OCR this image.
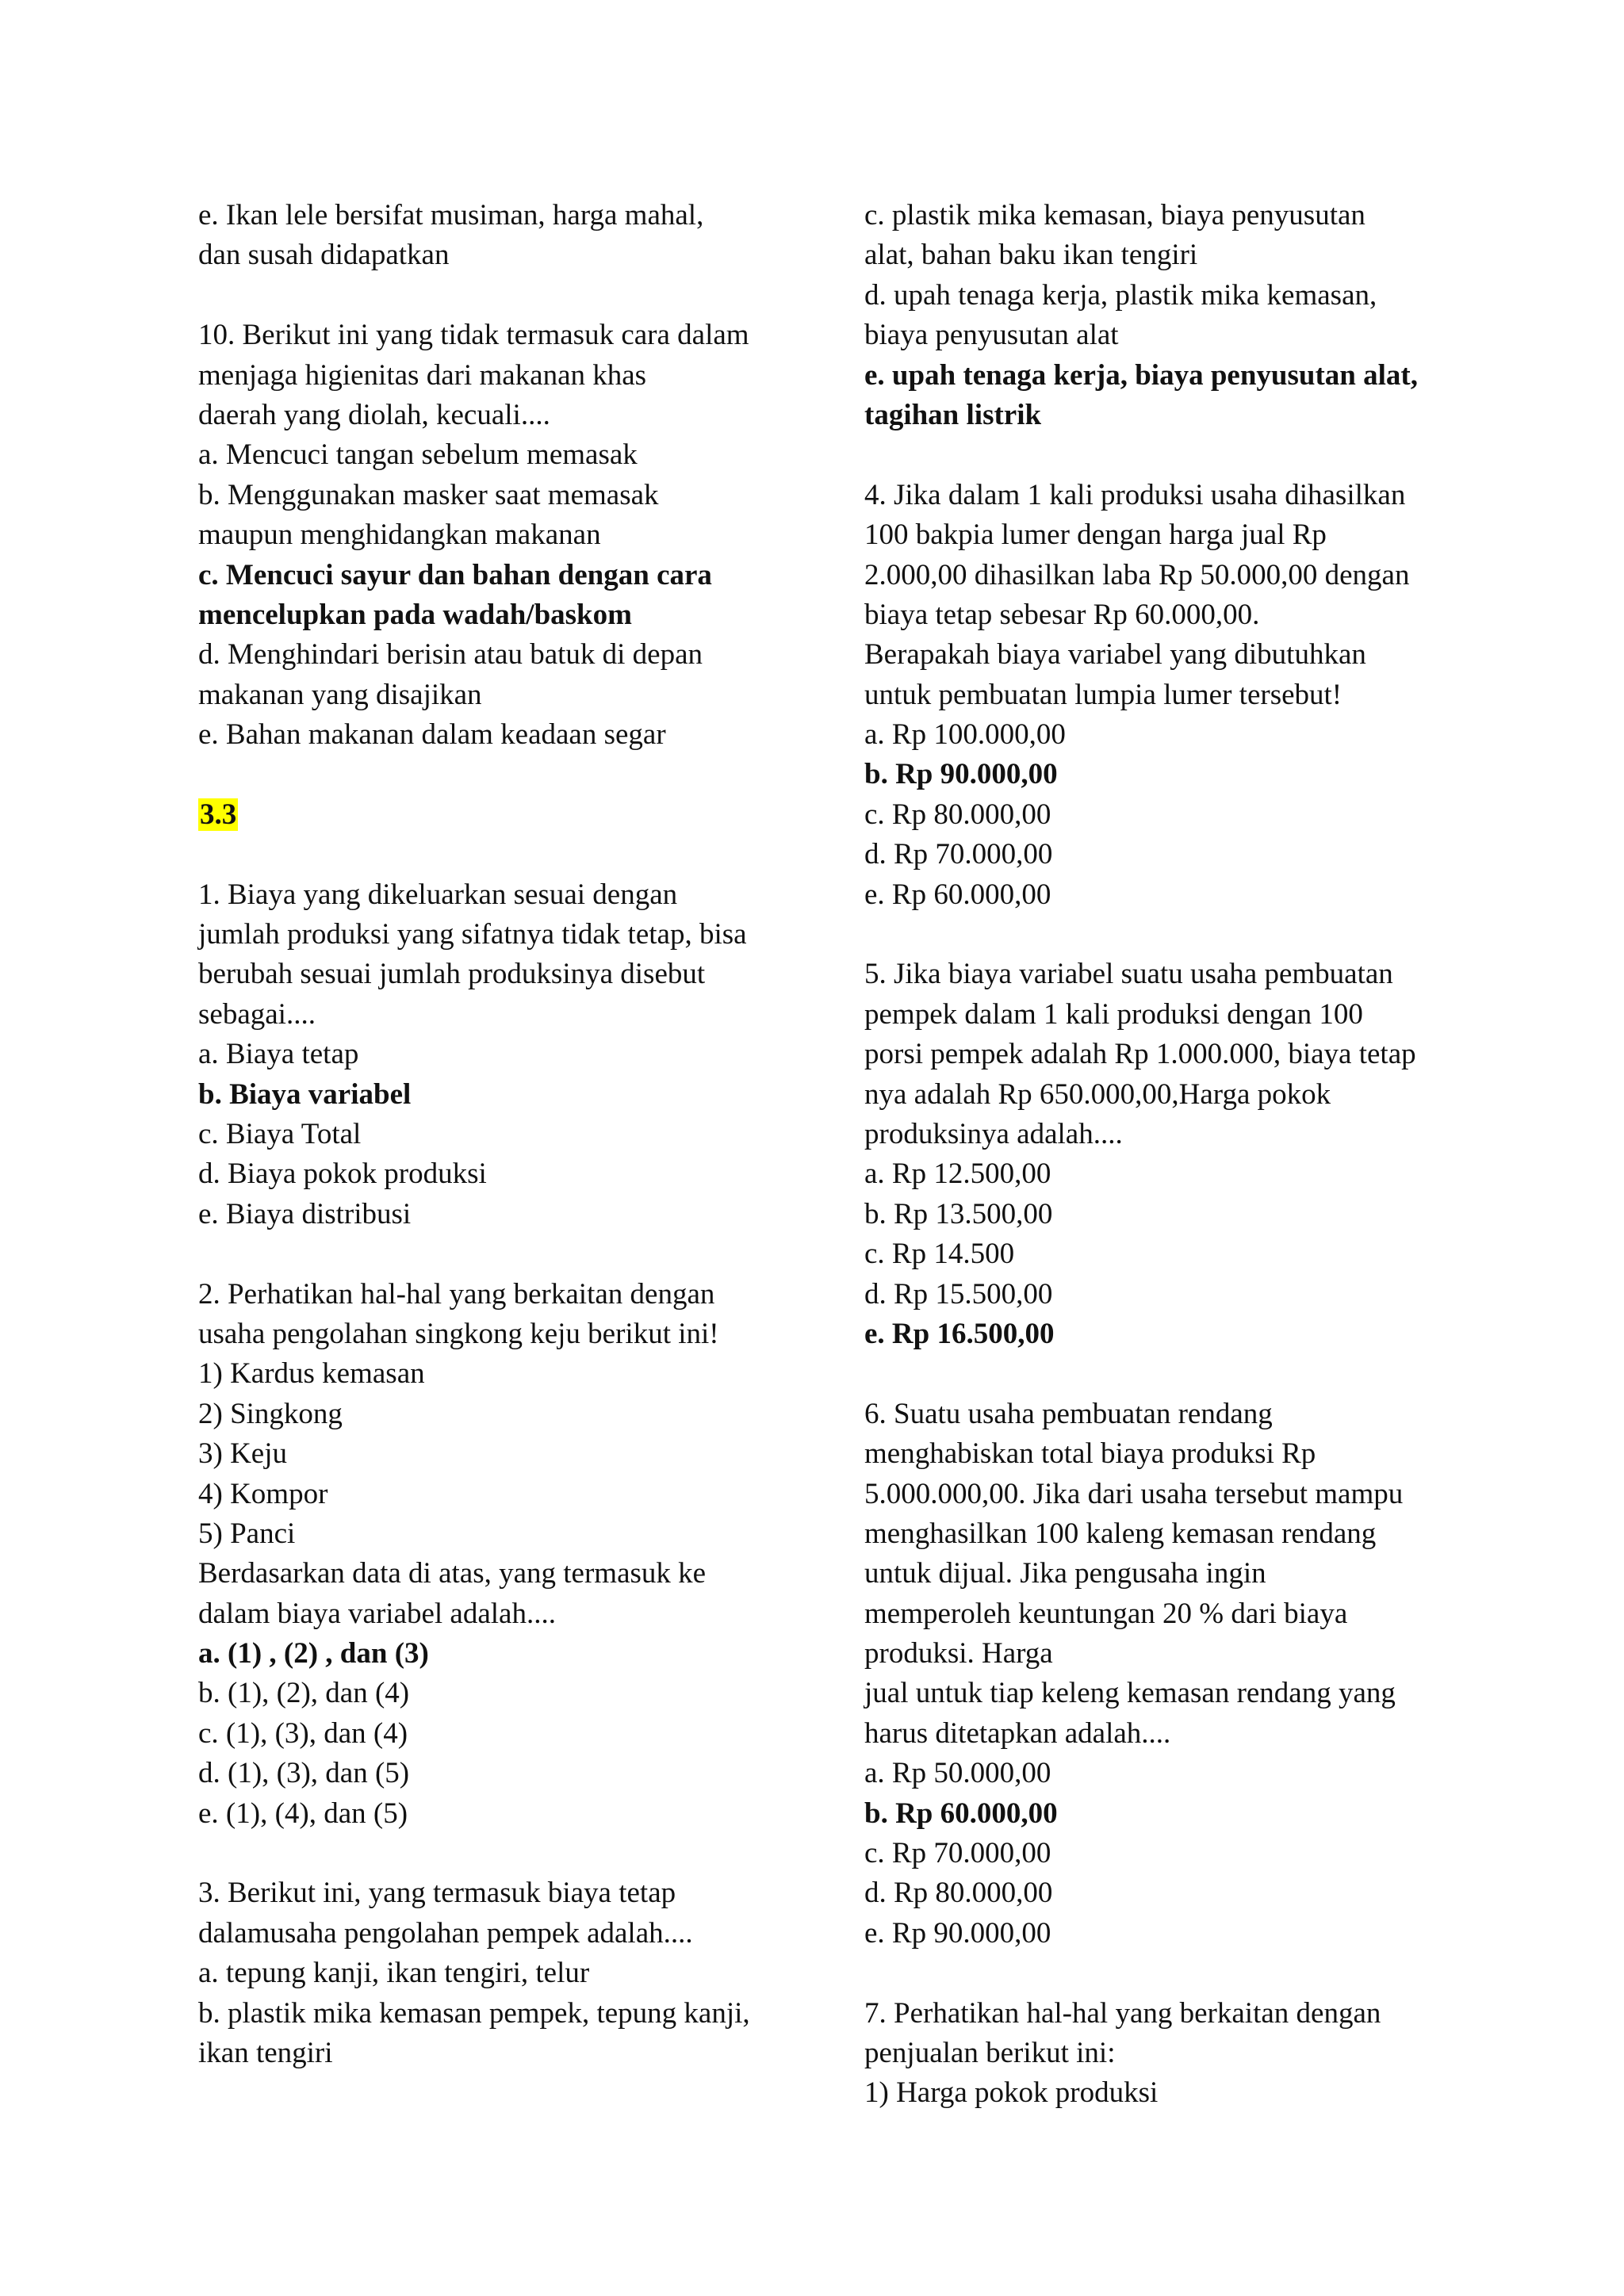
e. Ikan lele bersifat musiman, harga mahal,
dan susah didapatkan
10. Berikut ini yang tidak termasuk cara dalam
menjaga higienitas dari makanan khas
daerah yang diolah, kecuali....
a. Mencuci tangan sebelum memasak
b. Menggunakan masker saat memasak
maupun menghidangkan makanan
c. Mencuci sayur dan bahan dengan cara
mencelupkan pada wadah/baskom
d. Menghindari berisin atau batuk di depan
makanan yang disajikan
e. Bahan makanan dalam keadaan segar
3.3
1. Biaya yang dikeluarkan sesuai dengan
jumlah produksi yang sifatnya tidak tetap, bisa
berubah sesuai jumlah produksinya disebut
sebagai....
a. Biaya tetap
b. Biaya variabel
c. Biaya Total
d. Biaya pokok produksi
e. Biaya distribusi
2. Perhatikan hal-hal yang berkaitan dengan
usaha pengolahan singkong keju berikut ini!
1) Kardus kemasan
2) Singkong
3) Keju
4) Kompor
5) Panci
Berdasarkan data di atas, yang termasuk ke
dalam biaya variabel adalah....
a. (1) , (2) , dan (3)
b. (1), (2), dan (4)
c. (1), (3), dan (4)
d. (1), (3), dan (5)
e. (1), (4), dan (5)
3. Berikut ini, yang termasuk biaya tetap
dalamusaha pengolahan pempek adalah....
a. tepung kanji, ikan tengiri, telur
b. plastik mika kemasan pempek, tepung kanji,
ikan tengiri
c. plastik mika kemasan, biaya penyusutan
alat, bahan baku ikan tengiri
d. upah tenaga kerja, plastik mika kemasan,
biaya penyusutan alat
e. upah tenaga kerja, biaya penyusutan alat,
tagihan listrik
4. Jika dalam 1 kali produksi usaha dihasilkan
100 bakpia lumer dengan harga jual Rp
2.000,00 dihasilkan laba Rp 50.000,00 dengan
biaya tetap sebesar Rp 60.000,00.
Berapakah biaya variabel yang dibutuhkan
untuk pembuatan lumpia lumer tersebut!
a. Rp 100.000,00
b. Rp 90.000,00
c. Rp 80.000,00
d. Rp 70.000,00
e. Rp 60.000,00
5. Jika biaya variabel suatu usaha pembuatan
pempek dalam 1 kali produksi dengan 100
porsi pempek adalah Rp 1.000.000, biaya tetap
nya adalah Rp 650.000,00,Harga pokok
produksinya adalah....
a. Rp 12.500,00
b. Rp 13.500,00
c. Rp 14.500
d. Rp 15.500,00
e. Rp 16.500,00
6. Suatu usaha pembuatan rendang
menghabiskan total biaya produksi Rp
5.000.000,00. Jika dari usaha tersebut mampu
menghasilkan 100 kaleng kemasan rendang
untuk dijual. Jika pengusaha ingin
memperoleh keuntungan 20 % dari biaya
produksi. Harga
jual untuk tiap keleng kemasan rendang yang
harus ditetapkan adalah....
a. Rp 50.000,00
b. Rp 60.000,00
c. Rp 70.000,00
d. Rp 80.000,00
e. Rp 90.000,00
7. Perhatikan hal-hal yang berkaitan dengan
penjualan berikut ini:
1) Harga pokok produksi
